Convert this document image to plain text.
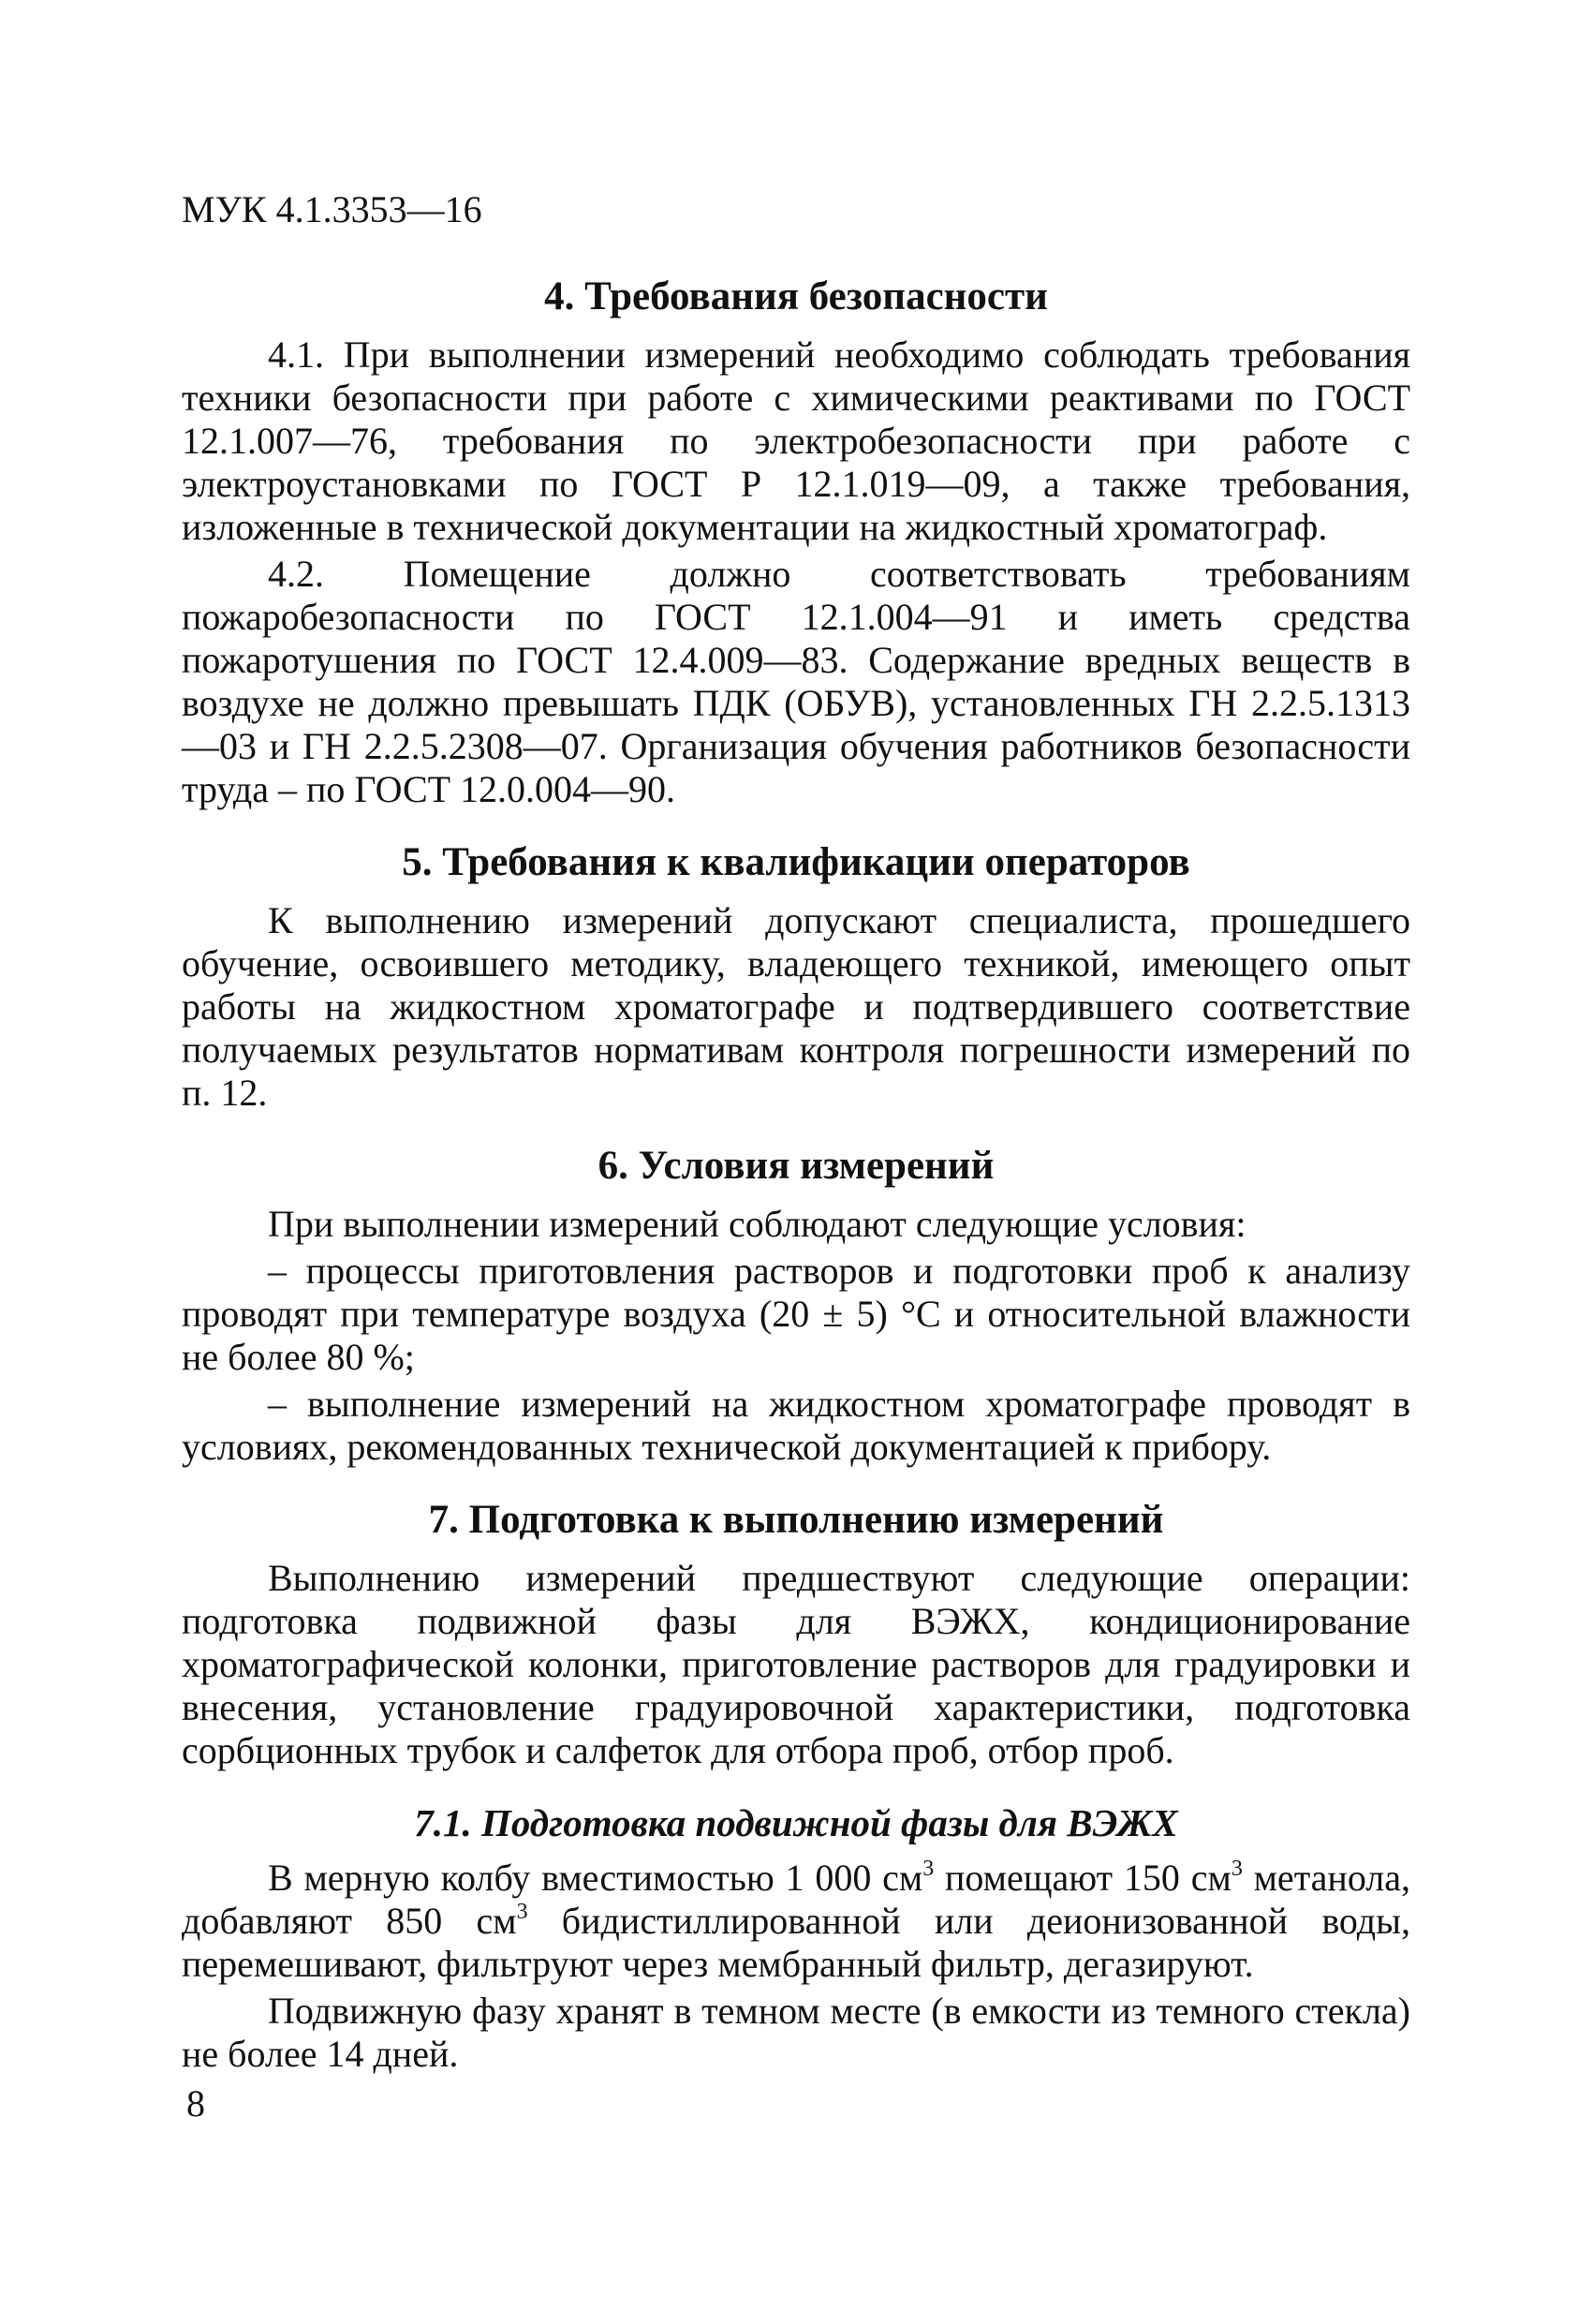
МУК 4.1.3353—16
4. Требования безопасности

4.1. При выполнении измерений необходимо соблюдать требования техники безопасности при работе с химическими реактивами по ГОСТ 12.1.007—76, требования по электробезопасности при работе с электроустановками по ГОСТ Р 12.1.019—09, а также требования, изложенные в технической документации на жидкостный хроматограф.

4.2. Помещение должно соответствовать требованиям пожаробезопасности по ГОСТ 12.1.004—91 и иметь средства пожаротушения по ГОСТ 12.4.009—83. Содержание вредных веществ в воздухе не должно превышать ПДК (ОБУВ), установленных ГН 2.2.5.1313—03 и ГН 2.2.5.2308—07. Организация обучения работников безопасности труда – по ГОСТ 12.0.004—90.

5. Требования к квалификации операторов

К выполнению измерений допускают специалиста, прошедшего обучение, освоившего методику, владеющего техникой, имеющего опыт работы на жидкостном хроматографе и подтвердившего соответствие получаемых результатов нормативам контроля погрешности измерений по п. 12.

6. Условия измерений

При выполнении измерений соблюдают следующие условия:

– процессы приготовления растворов и подготовки проб к анализу проводят при температуре воздуха (20 ± 5) °С и относительной влажности не более 80 %;

– выполнение измерений на жидкостном хроматографе проводят в условиях, рекомендованных технической документацией к прибору.

7. Подготовка к выполнению измерений

Выполнению измерений предшествуют следующие операции: подготовка подвижной фазы для ВЭЖХ, кондиционирование хроматографической колонки, приготовление растворов для градуировки и внесения, установление градуировочной характеристики, подготовка сорбционных трубок и салфеток для отбора проб, отбор проб.

7.1. Подготовка подвижной фазы для ВЭЖХ

В мерную колбу вместимостью 1 000 $см^3$ помещают 150 $см^3$ метанола, добавляют 850 $см^3$ бидистиллированной или деионизованной воды, перемешивают, фильтруют через мембранный фильтр, дегазируют.

Подвижную фазу хранят в темном месте (в емкости из темного стекла) не более 14 дней.

8
